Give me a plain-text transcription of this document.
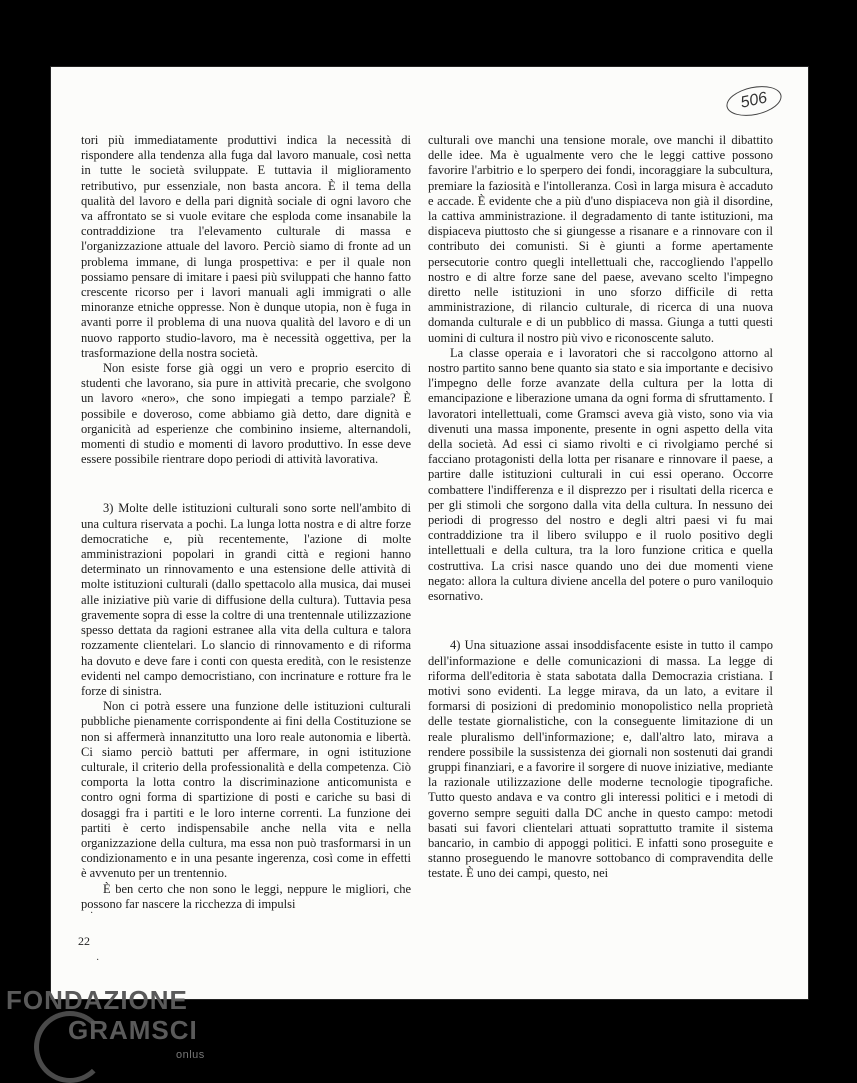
506

tori più immediatamente produttivi indica la necessità di rispondere alla tendenza alla fuga dal lavoro manuale, così netta in tutte le società sviluppate. E tuttavia il miglioramento retributivo, pur essenziale, non basta ancora. È il tema della qualità del lavoro e della pari dignità sociale di ogni lavoro che va affrontato se si vuole evitare che esploda come insanabile la contraddizione tra l'elevamento culturale di massa e l'organizzazione attuale del lavoro. Perciò siamo di fronte ad un problema immane, di lunga prospettiva: e per il quale non possiamo pensare di imitare i paesi più sviluppati che hanno fatto crescente ricorso per i lavori manuali agli immigrati o alle minoranze etniche oppresse. Non è dunque utopia, non è fuga in avanti porre il problema di una nuova qualità del lavoro e di un nuovo rapporto studio-lavoro, ma è necessità oggettiva, per la trasformazione della nostra società.

Non esiste forse già oggi un vero e proprio esercito di studenti che lavorano, sia pure in attività precarie, che svolgono un lavoro «nero», che sono impiegati a tempo parziale? È possibile e doveroso, come abbiamo già detto, dare dignità e organicità ad esperienze che combinino insieme, alternandoli, momenti di studio e momenti di lavoro produttivo. In esse deve essere possibile rientrare dopo periodi di attività lavorativa.

3) Molte delle istituzioni culturali sono sorte nell'ambito di una cultura riservata a pochi. La lunga lotta nostra e di altre forze democratiche e, più recentemente, l'azione di molte amministrazioni popolari in grandi città e regioni hanno determinato un rinnovamento e una estensione delle attività di molte istituzioni culturali (dallo spettacolo alla musica, dai musei alle iniziative più varie di diffusione della cultura). Tuttavia pesa gravemente sopra di esse la coltre di una trentennale utilizzazione spesso dettata da ragioni estranee alla vita della cultura e talora rozzamente clientelari. Lo slancio di rinnovamento e di riforma ha dovuto e deve fare i conti con questa eredità, con le resistenze evidenti nel campo democristiano, con incrinature e rotture fra le forze di sinistra.

Non ci potrà essere una funzione delle istituzioni culturali pubbliche pienamente corrispondente ai fini della Costituzione se non si affermerà innanzitutto una loro reale autonomia e libertà. Ci siamo perciò battuti per affermare, in ogni istituzione culturale, il criterio della professionalità e della competenza. Ciò comporta la lotta contro la discriminazione anticomunista e contro ogni forma di spartizione di posti e cariche su basi di dosaggi fra i partiti e le loro interne correnti. La funzione dei partiti è certo indispensabile anche nella vita e nella organizzazione della cultura, ma essa non può trasformarsi in un condizionamento e in una pesante ingerenza, così come in effetti è avvenuto per un trentennio.

È ben certo che non sono le leggi, neppure le migliori, che possono far nascere la ricchezza di impulsi

culturali ove manchi una tensione morale, ove manchi il dibattito delle idee. Ma è ugualmente vero che le leggi cattive possono favorire l'arbitrio e lo sperpero dei fondi, incoraggiare la subcultura, premiare la faziosità e l'intolleranza. Così in larga misura è accaduto e accade. È evidente che a più d'uno dispiaceva non già il disordine, la cattiva amministrazione. il degradamento di tante istituzioni, ma dispiaceva piuttosto che si giungesse a risanare e a rinnovare con il contributo dei comunisti. Si è giunti a forme apertamente persecutorie contro quegli intellettuali che, raccogliendo l'appello nostro e di altre forze sane del paese, avevano scelto l'impegno diretto nelle istituzioni in uno sforzo difficile di retta amministrazione, di rilancio culturale, di ricerca di una nuova domanda culturale e di un pubblico di massa. Giunga a tutti questi uomini di cultura il nostro più vivo e riconoscente saluto.

La classe operaia e i lavoratori che si raccolgono attorno al nostro partito sanno bene quanto sia stato e sia importante e decisivo l'impegno delle forze avanzate della cultura per la lotta di emancipazione e liberazione umana da ogni forma di sfruttamento. I lavoratori intellettuali, come Gramsci aveva già visto, sono via via divenuti una massa imponente, presente in ogni aspetto della vita della società. Ad essi ci siamo rivolti e ci rivolgiamo perché si facciano protagonisti della lotta per risanare e rinnovare il paese, a partire dalle istituzioni culturali in cui essi operano. Occorre combattere l'indifferenza e il disprezzo per i risultati della ricerca e per gli stimoli che sorgono dalla vita della cultura. In nessuno dei periodi di progresso del nostro e degli altri paesi vi fu mai contraddizione tra il libero sviluppo e il ruolo positivo degli intellettuali e della cultura, tra la loro funzione critica e quella costruttiva. La crisi nasce quando uno dei due momenti viene negato: allora la cultura diviene ancella del potere o puro vaniloquio esornativo.

4) Una situazione assai insoddisfacente esiste in tutto il campo dell'informazione e delle comunicazioni di massa. La legge di riforma dell'editoria è stata sabotata dalla Democrazia cristiana. I motivi sono evidenti. La legge mirava, da un lato, a evitare il formarsi di posizioni di predominio monopolistico nella proprietà delle testate giornalistiche, con la conseguente limitazione di un reale pluralismo dell'informazione; e, dall'altro lato, mirava a rendere possibile la sussistenza dei giornali non sostenuti dai grandi gruppi finanziari, e a favorire il sorgere di nuove iniziative, mediante la razionale utilizzazione delle moderne tecnologie tipografiche. Tutto questo andava e va contro gli interessi politici e i metodi di governo sempre seguiti dalla DC anche in questo campo: metodi basati sui favori clientelari attuati soprattutto tramite il sistema bancario, in cambio di appoggi politici. E infatti sono proseguite e stanno proseguendo le manovre sottobanco di compravendita delle testate. È uno dei campi, questo, nei

22
·
·
FONDAZIONE
GRAMSCI
onlus
